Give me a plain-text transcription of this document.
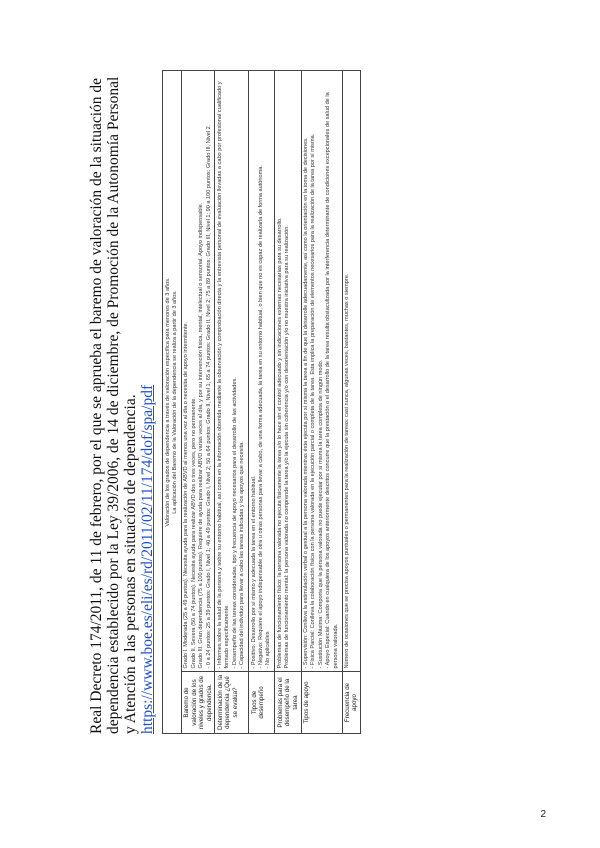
Real Decreto 174/2011, de 11 de febrero, por el que se aprueba el baremo de valoración de la situación de dependencia establecido por la Ley 39/2006, de 14 de diciembre, de Promoción de la Autonomía Personal y Atención a las personas en situación de dependencia. https://www.boe.es/eli/es/rd/2011/02/11/174/dof/spa/pdf Valoración de los grados de dependencia a través de valoración específica para menores de 3 años. La aplicación del Baremo de la Valoración de la dependencia se realiza a partir de 3 años.	

Baremo de valoración de los niveles y grados de dependencia.	Grado I. Moderada (25 a 49 puntos). Necesita ayuda para la realización de ABVD al menos una vez al día o necesita de apoyo intermitente. Grado II. Severa (50 a 74 puntos). Necesita ayuda para realizar ABVD dos o tres veces, pero no permanente. Grado III. Gran dependencia (75 a 100 puntos). Requiere de ayuda para realizar ABVD varias veces al día, y por su intervención física, mental, intelectual o sensorial. Apoyo indispensable. - 0 a 24 puntos: 25 a 39 puntos: Grado I, Nivel 1; 40 a 49 puntos: Grado I, Nivel 2; 50 a 64 puntos: Grado II, Nivel 1; 65 a 74 puntos: Grado II, Nivel 2; 75 a 89 puntos: Grado III, Nivel 1; 90 a 100 puntos: Grado III, Nivel 2.

Determinación de la dependencia ¿Qué se evalúa?	- Informes sobre la salud de la persona y sobre su entorno habitual, así como en la información obtenida mediante la observación y comprobación directa y la entrevista personal de evaluación llevadas a cabo por profesional cualificado y formado específicamente. - Desempeño de las tareas consideradas, tipo y frecuencia de apoyo necesarios para el desarrollo de las actividades. - Capacidad del individuo para llevar a cabo las tareas indicadas y los apoyos que necesita.

Tipos de desempeño	- Positivo: Desarrollo por sí mismo y adecuada la tarea en el entorno habitual. - Negativo: Requiere el apoyo indispensable de otra u otras personas para llevar a cabo, de una forma adecuada, la tarea en su entorno habitual, o bien que no es capaz de realizarla de forma autónoma. - No aplicables

Problemas para el desempeño de la tarea	Problemas de funcionamiento físico: la persona valorada no ejecuta físicamente la tarea y/o lo hace sin el control adecuado y sin indicaciones externas necesarias para su desarrollo. Problemas de funcionamiento mental: la persona valorada no comprende la tarea y/o la ejecuta sin coherencia y/o con desorientación y/o no muestra iniciativa para su realización.

Tipos de apoyo	- Supervisión: Conlleva la estimulación verbal o gestual a la persona valorada mientras ésta ejecuta por sí misma la tarea a fin de que la desarrolle adecuadamente, así como la orientación en la toma de decisiones. - Física Parcial: Conlleva la colaboración física con la persona valorada en la ejecución parcial o completa de la tarea. Esta implica la preparación de elementos necesarios para la realización de la tarea por sí misma. - Sustitución Máxima: Comporta que la persona valorada no puede ejecutar por sí misma la tarea completa de ningún modo. - Apoyo Especial: Cuando en cualquiera de los apoyos anteriormente descritos concurre que la prestación o el desarrollo de la tarea resulta obstaculizada por la interferencia determinante de condiciones excepcionales de salud de la persona valorada.

Frecuencia de apoyo	Número de ocasiones que se precisa apoyos puntuales o permanentes para la realización de tareas: casi nunca, algunas veces, bastantes, muchas o siempre.
2
